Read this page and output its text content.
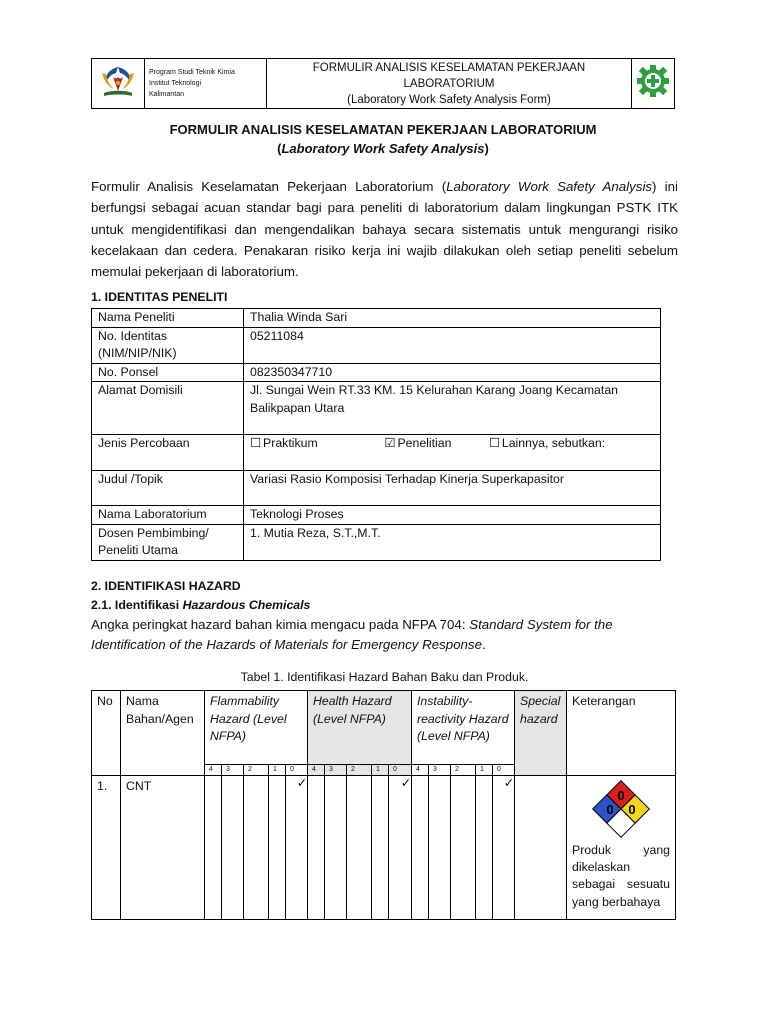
Program Studi Teknik Kimia
Institut Teknologi
Kalimantan

FORMULIR ANALISIS KESELAMATAN PEKERJAAN LABORATORIUM
(Laboratory Work Safety Analysis Form)

FORMULIR ANALISIS KESELAMATAN PEKERJAAN LABORATORIUM
(Laboratory Work Safety Analysis)
Formulir Analisis Keselamatan Pekerjaan Laboratorium (Laboratory Work Safety Analysis) ini berfungsi sebagai acuan standar bagi para peneliti di laboratorium dalam lingkungan PSTK ITK untuk mengidentifikasi dan mengendalikan bahaya secara sistematis untuk mengurangi risiko kecelakaan dan cedera. Penakaran risiko kerja ini wajib dilakukan oleh setiap peneliti sebelum memulai pekerjaan di laboratorium.
1. IDENTITAS PENELITI
Nama Peneliti	Thalia Winda Sari
No. Identitas (NIM/NIP/NIK)	05211084
No. Ponsel	082350347710
Alamat Domisili	Jl. Sungai Wein RT.33 KM. 15 Kelurahan Karang Joang Kecamatan Balikpapan Utara
Jenis Percobaan	☐ Praktikum ☑ Penelitian ☐ Lainnya, sebutkan:
Judul /Topik	Variasi Rasio Komposisi Terhadap Kinerja Superkapasitor
Nama Laboratorium	Teknologi Proses
Dosen Pembimbing/ Peneliti Utama	1. Mutia Reza, S.T.,M.T.
2. IDENTIFIKASI HAZARD
2.1. Identifikasi Hazardous Chemicals
Angka peringkat hazard bahan kimia mengacu pada NFPA 704: Standard System for the Identification of the Hazards of Materials for Emergency Response.
Tabel 1. Identifikasi Hazard Bahan Baku dan Produk.
No	Nama Bahan/Agen	Flammability Hazard (Level NFPA)					Health Hazard (Level NFPA)					Instability-reactivity Hazard (Level NFPA)					Special hazard	Keterangan
		4	3	2	1	0	4	3	2	1	0	4	3	2	1	0		
1.	CNT					✓					✓					✓		0
0 0
Produk yang dikelaskan sebagai sesuatu yang berbahaya
